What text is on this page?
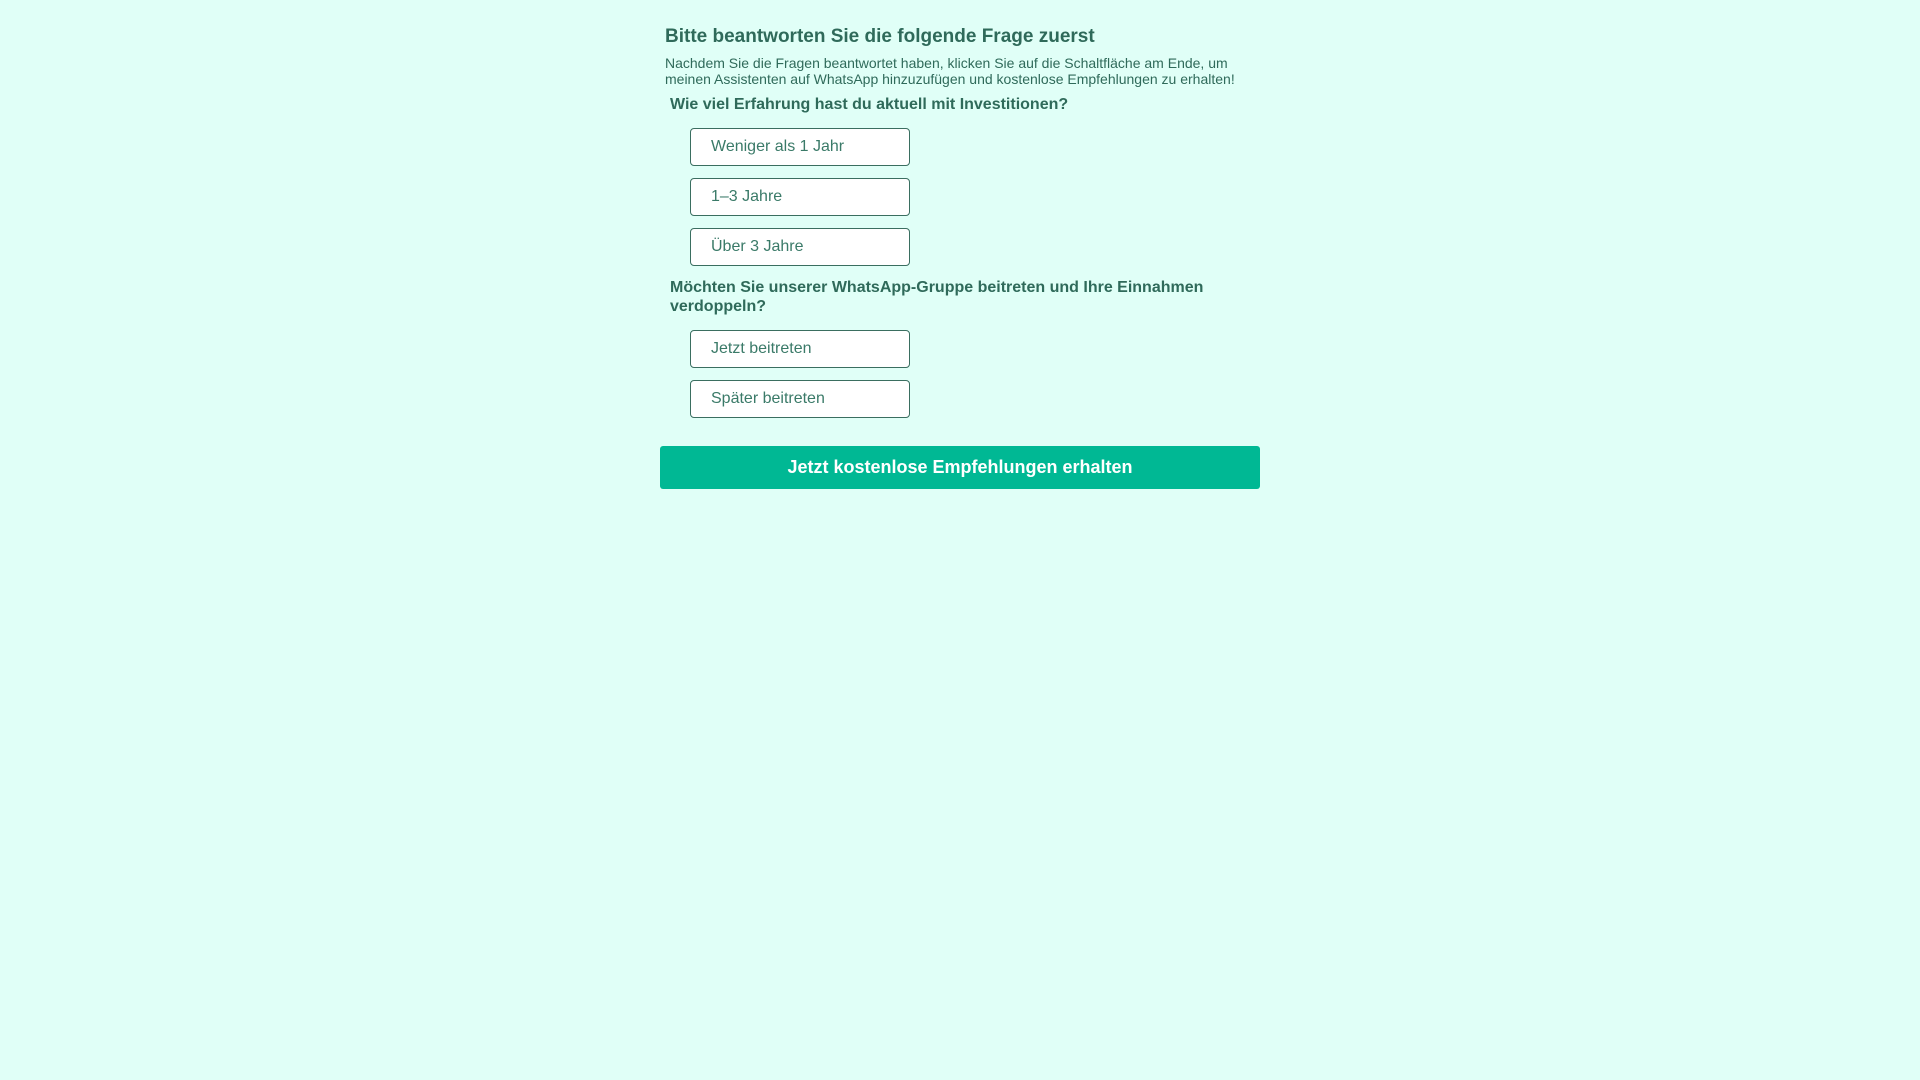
Bitte beantworten Sie die folgende Frage zuerst
Nachdem Sie die Fragen beantwortet haben, klicken Sie auf die Schaltfläche am Ende, um meinen Assistenten auf WhatsApp hinzuzufügen und kostenlose Empfehlungen zu erhalten!
Wie viel Erfahrung hast du aktuell mit Investitionen?
Weniger als 1 Jahr
1–3 Jahre
Über 3 Jahre
Möchten Sie unserer WhatsApp-Gruppe beitreten und Ihre Einnahmen verdoppeln?
Jetzt beitreten
Später beitreten
Jetzt kostenlose Empfehlungen erhalten
